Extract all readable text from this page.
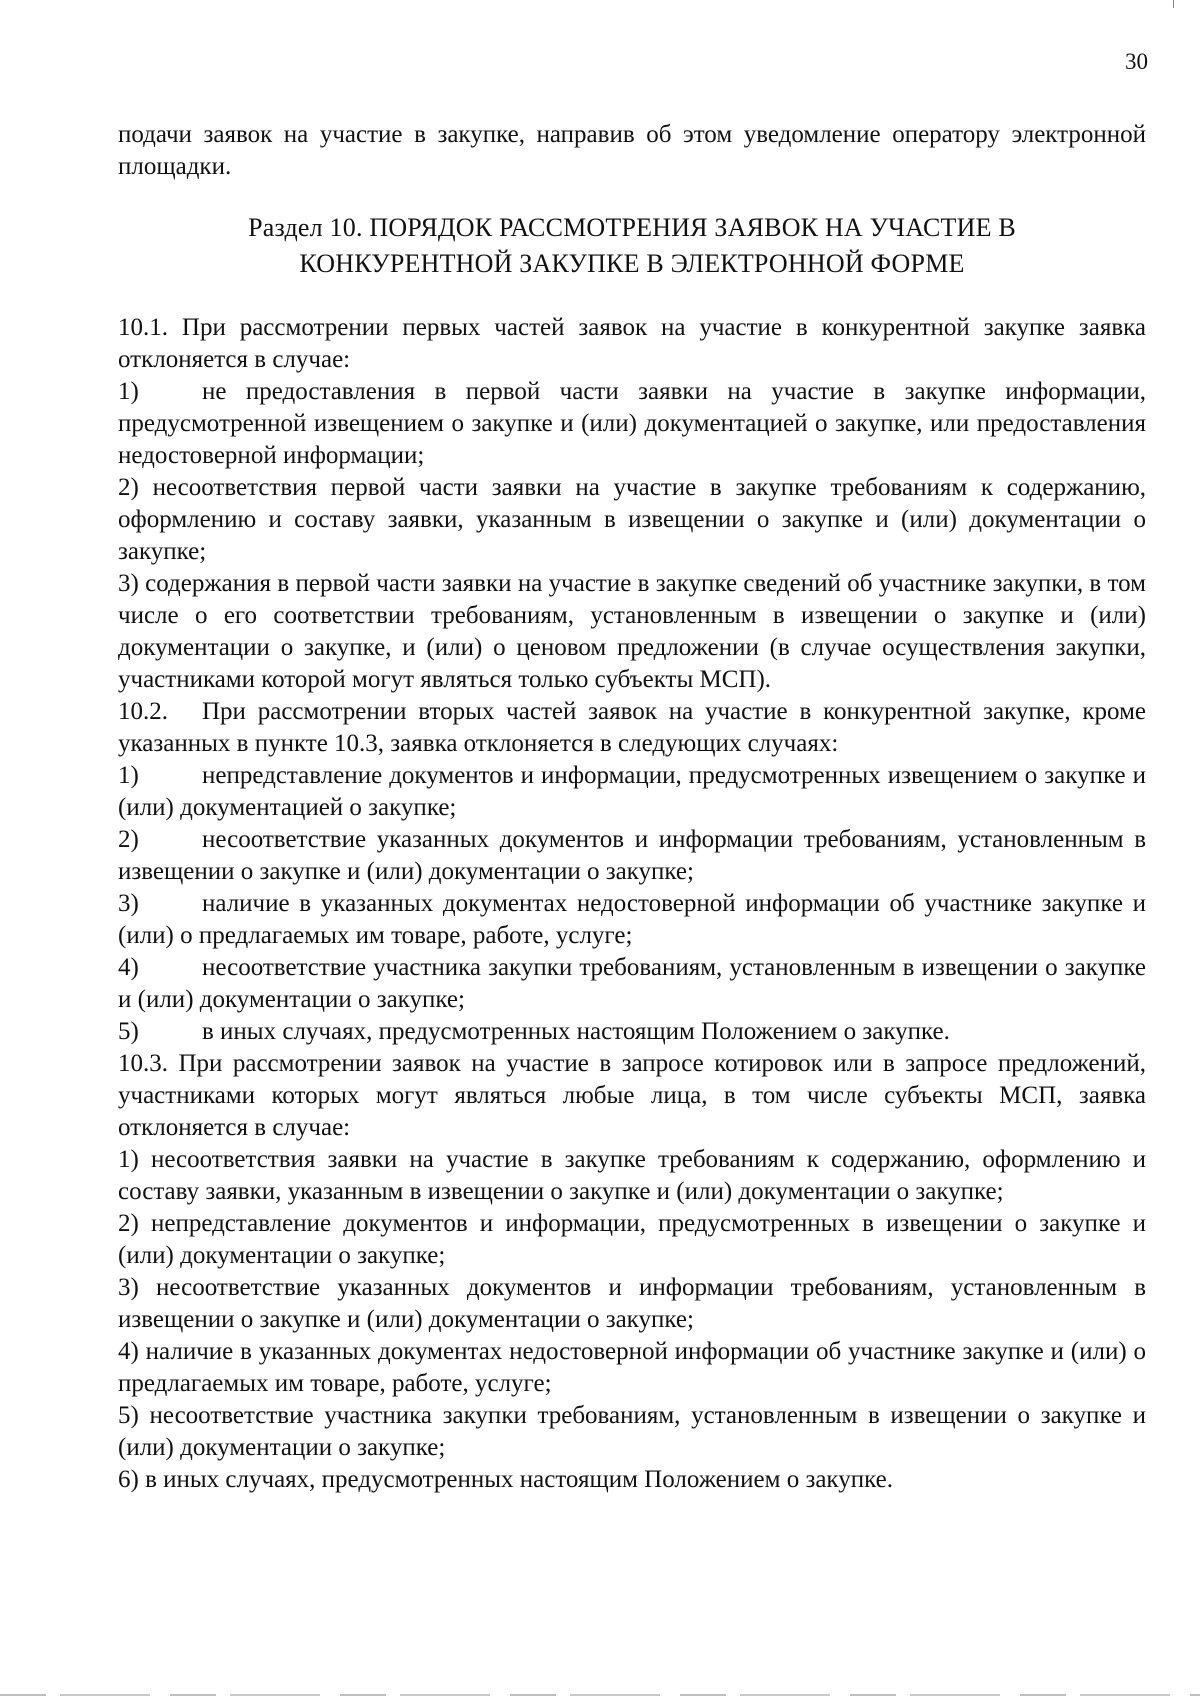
30

подачи заявок на участие в закупке, направив об этом уведомление оператору электронной площадки.

Раздел 10. ПОРЯДОК РАССМОТРЕНИЯ ЗАЯВОК НА УЧАСТИЕ В
КОНКУРЕНТНОЙ ЗАКУПКЕ В ЭЛЕКТРОННОЙ ФОРМЕ

10.1. При рассмотрении первых частей заявок на участие в конкурентной закупке заявка отклоняется в случае:

1)	не предоставления в первой части заявки на участие в закупке информации, предусмотренной извещением о закупке и (или) документацией о закупке, или предоставления недостоверной информации;

2) несоответствия первой части заявки на участие в закупке требованиям к содержанию, оформлению и составу заявки, указанным в извещении о закупке и (или) документации о закупке;

3) содержания в первой части заявки на участие в закупке сведений об участнике закупки, в том числе о его соответствии требованиям, установленным в извещении о закупке и (или) документации о закупке, и (или) о ценовом предложении (в случае осуществления закупки, участниками которой могут являться только субъекты МСП).

10.2. При рассмотрении вторых частей заявок на участие в конкурентной закупке, кроме указанных в пункте 10.3, заявка отклоняется в следующих случаях:

1)	непредставление документов и информации, предусмотренных извещением о закупке и (или) документацией о закупке;

2)	несоответствие указанных документов и информации требованиям, установленным в извещении о закупке и (или) документации о закупке;

3)	наличие в указанных документах недостоверной информации об участнике закупке и (или) о предлагаемых им товаре, работе, услуге;

4)	несоответствие участника закупки требованиям, установленным в извещении о закупке и (или) документации о закупке;

5)	в иных случаях, предусмотренных настоящим Положением о закупке.

10.3. При рассмотрении заявок на участие в запросе котировок или в запросе предложений, участниками которых могут являться любые лица, в том числе субъекты МСП, заявка отклоняется в случае:

1) несоответствия заявки на участие в закупке требованиям к содержанию, оформлению и составу заявки, указанным в извещении о закупке и (или) документации о закупке;

2) непредставление документов и информации, предусмотренных в извещении о закупке и (или) документации о закупке;

3) несоответствие указанных документов и информации требованиям, установленным в извещении о закупке и (или) документации о закупке;

4) наличие в указанных документах недостоверной информации об участнике закупке и (или) о предлагаемых им товаре, работе, услуге;

5) несоответствие участника закупки требованиям, установленным в извещении о закупке и (или) документации о закупке;

6) в иных случаях, предусмотренных настоящим Положением о закупке.
